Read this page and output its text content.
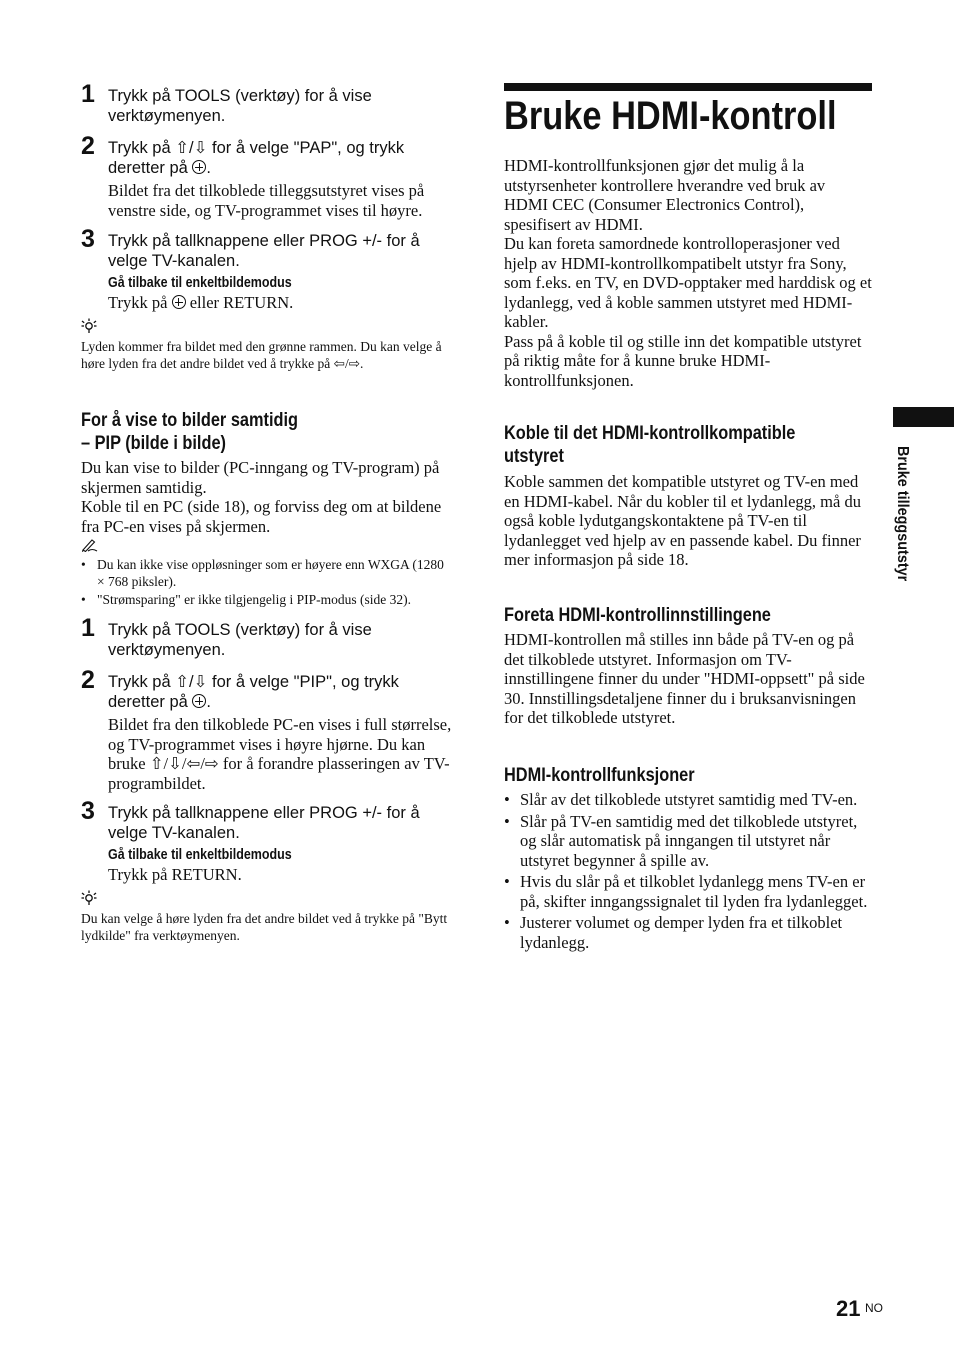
1 Trykk på TOOLS (verktøy) for å vise verktøymenyen.
2 Trykk på ⇧/⇩ for å velge "PAP", og trykk deretter på .
Bildet fra det tilkoblede tilleggsutstyret vises på venstre side, og TV-programmet vises til høyre.
3 Trykk på tallknappene eller PROG +/- for å velge TV-kanalen.
Gå tilbake til enkeltbildemodus
Trykk på  eller RETURN.
Lyden kommer fra bildet med den grønne rammen. Du kan velge å høre lyden fra det andre bildet ved å trykke på ⇦/⇨.
For å vise to bilder samtidig
– PIP (bilde i bilde)
Du kan vise to bilder (PC-inngang og TV-program) på skjermen samtidig.
Koble til en PC (side 18), og forviss deg om at bildene fra PC-en vises på skjermen.
• Du kan ikke vise oppløsninger som er høyere enn WXGA (1280 × 768 piksler).
• "Strømsparing" er ikke tilgjengelig i PIP-modus (side 32).
1 Trykk på TOOLS (verktøy) for å vise verktøymenyen.
2 Trykk på ⇧/⇩ for å velge "PIP", og trykk deretter på .
Bildet fra den tilkoblede PC-en vises i full størrelse, og TV-programmet vises i høyre hjørne. Du kan bruke ⇧/⇩/⇦/⇨ for å forandre plasseringen av TV-programbildet.
3 Trykk på tallknappene eller PROG +/- for å velge TV-kanalen.
Gå tilbake til enkeltbildemodus
Trykk på RETURN.
Du kan velge å høre lyden fra det andre bildet ved å trykke på "Bytt lydkilde" fra verktøymenyen.
Bruke HDMI-kontroll
HDMI-kontrollfunksjonen gjør det mulig å la utstyrsenheter kontrollere hverandre ved bruk av HDMI CEC (Consumer Electronics Control), spesifisert av HDMI.
Du kan foreta samordnede kontrolloperasjoner ved hjelp av HDMI-kontrollkompatibelt utstyr fra Sony, som f.eks. en TV, en DVD-opptaker med harddisk og et lydanlegg, ved å koble sammen utstyret med HDMI-kabler.
Pass på å koble til og stille inn det kompatible utstyret på riktig måte for å kunne bruke HDMI-kontrollfunksjonen.
Koble til det HDMI-kontrollkompatible
utstyret
Koble sammen det kompatible utstyret og TV-en med en HDMI-kabel. Når du kobler til et lydanlegg, må du også koble lydutgangskontaktene på TV-en til lydanlegget ved hjelp av en passende kabel. Du finner mer informasjon på side 18.
Foreta HDMI-kontrollinnstillingene
HDMI-kontrollen må stilles inn både på TV-en og på det tilkoblede utstyret. Informasjon om TV-innstillingene finner du under "HDMI-oppsett" på side 30. Innstillingsdetaljene finner du i bruksanvisningen for det tilkoblede utstyret.
HDMI-kontrollfunksjoner
• Slår av det tilkoblede utstyret samtidig med TV-en.
• Slår på TV-en samtidig med det tilkoblede utstyret, og slår automatisk på inngangen til utstyret når utstyret begynner å spille av.
• Hvis du slår på et tilkoblet lydanlegg mens TV-en er på, skifter inngangssignalet til lyden fra lydanlegget.
• Justerer volumet og demper lyden fra et tilkoblet lydanlegg.
Bruke tilleggsutstyr
21 NO
